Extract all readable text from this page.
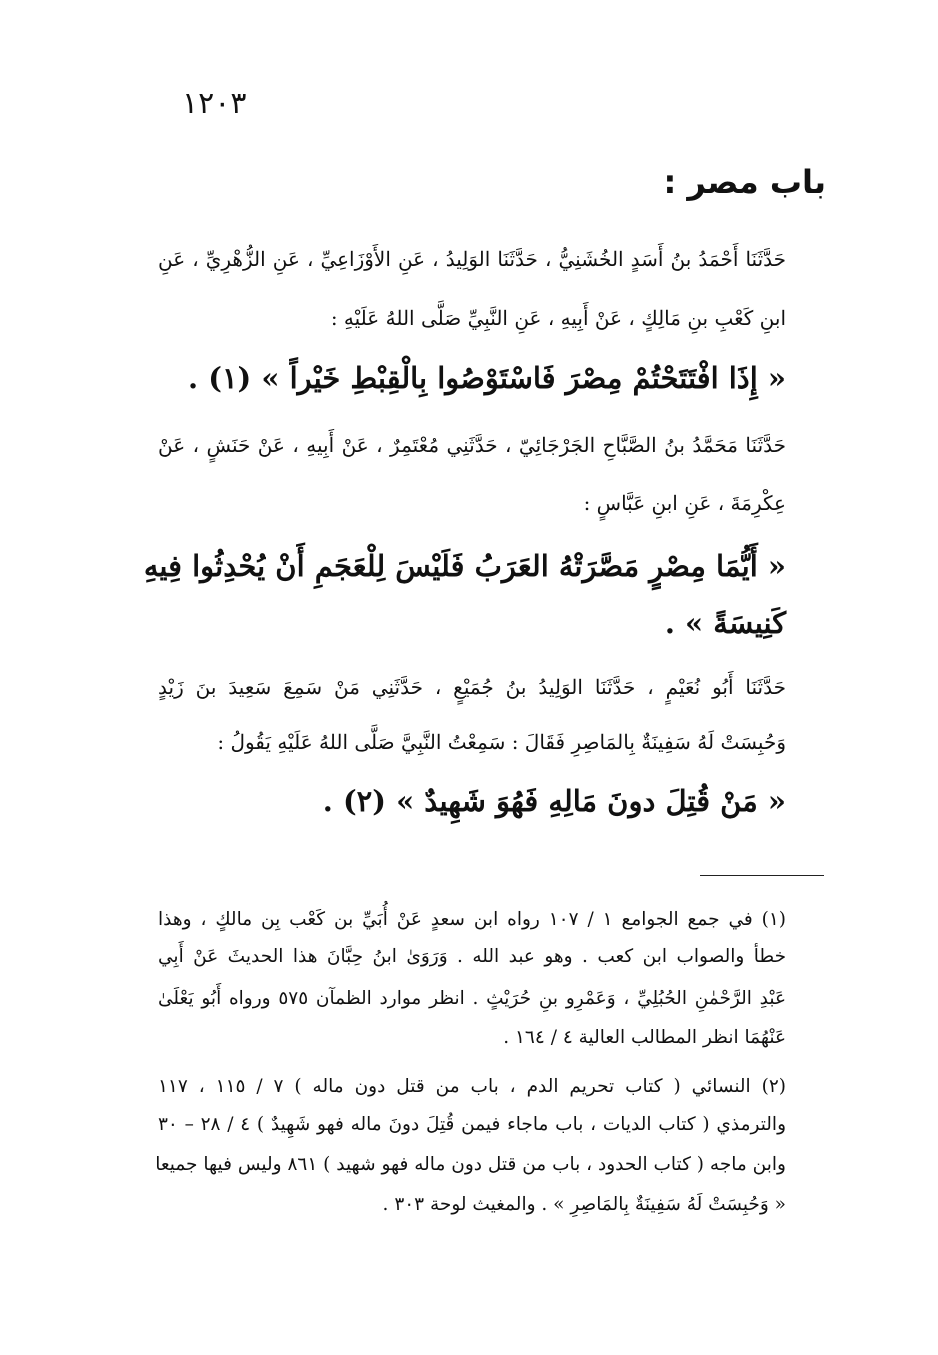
١٢٠٣
باب مصر :
حَدَّثَنَا أَحْمَدُ بنُ أَسَدٍ الخُشَنِيُّ ، حَدَّثَنَا الوَلِيدُ ، عَنِ الأَوْزَاعِيِّ ، عَنِ الزُّهْرِيِّ ، عَنِ
ابنِ كَعْبِ بنِ مَالِكٍ ، عَنْ أَبِيهِ ، عَنِ النَّبِيِّ صَلَّى اللهُ عَلَيْهِ :
« إِذَا افْتَتَحْتُمْ مِصْرَ فَاسْتَوْصُوا بِالْقِبْطِ خَيْراً » (١) .
حَدَّثَنَا مَحَمَّدُ بنُ الصَّبَّاحِ الجَرْجَائِيّ ، حَدَّثَنِي مُعْتَمِرٌ ، عَنْ أَبِيهِ ، عَنْ حَنَشٍ ، عَنْ
عِكْرِمَةَ ، عَنِ ابنِ عَبَّاسٍ :
« أَيُّمَا مِصْرٍ مَصَّرَتْهُ العَرَبُ فَلَيْسَ لِلْعَجَمِ أَنْ يُحْدِثُوا فِيهِ
كَنِيسَةً » .
حَدَّثَنَا أَبُو نُعَيْمٍ ، حَدَّثَنَا الوَلِيدُ بنُ جُمَيْعٍ ، حَدَّثَنِي مَنْ سَمِعَ سَعِيدَ بنَ زَيْدٍ
وَحُبِسَتْ لَهُ سَفِينَةٌ بِالمَاصِرِ فَقَالَ : سَمِعْتُ النَّبِيَّ صَلَّى اللهُ عَلَيْهِ يَقُولُ :
« مَنْ قُتِلَ دونَ مَالِهِ فَهُوَ شَهِيدٌ » (٢) .
(١) في جمع الجوامع ١ / ١٠٧ رواه ابن سعدٍ عَنْ أُبَيِّ بن كَعْب بِن مالكٍ ، وهذا
خطأ والصواب ابن كعب . وهو عبد الله . وَرَوَىٰ ابنُ حِبَّانَ هذا الحديثَ عَنْ أَبِي
عَبْدِ الرَّحْمٰنِ الحُبُلِيِّ ، وَعَمْرِو بنِ حُرَيْثٍ . انظر موارد الظمآن ٥٧٥ ورواه أَبُو يَعْلَىٰ
عَنْهُمَا انظر المطالب العالية ٤ / ١٦٤ .
(٢) النسائي ( كتاب تحريم الدم ، باب من قتل دون ماله ) ٧ / ١١٥ ، ١١٧
والترمذي ( كتاب الديات ، باب ماجاء فيمن قُتِلَ دونَ ماله فهو شَهِيدٌ ) ٤ / ٢٨ – ٣٠
وابن ماجه ( كتاب الحدود ، باب من قتل دون ماله فهو شهيد ) ٨٦١ وليس فيها جميعا
« وَحُبِسَتْ لَهُ سَفِينَةٌ بِالمَاصِرِ » . والمغيث لوحة ٣٠٣ .
